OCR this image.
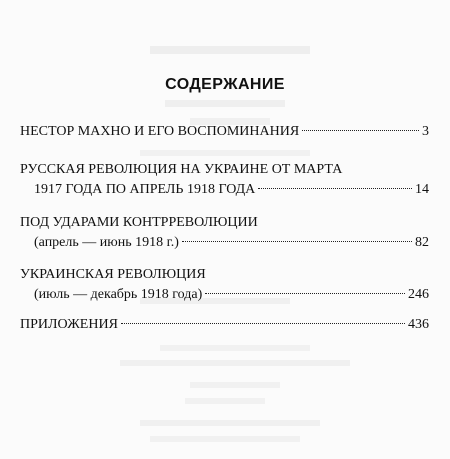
СОДЕРЖАНИЕ
НЕСТОР МАХНО И ЕГО ВОСПОМИНАНИЯ	3
РУССКАЯ РЕВОЛЮЦИЯ НА УКРАИНЕ ОТ МАРТА
1917 ГОДА ПО АПРЕЛЬ 1918 ГОДА	14
ПОД УДАРАМИ КОНТРРЕВОЛЮЦИИ
(апрель — июнь 1918 г.)	82
УКРАИНСКАЯ РЕВОЛЮЦИЯ
(июль — декабрь 1918 года)	246
ПРИЛОЖЕНИЯ	436
